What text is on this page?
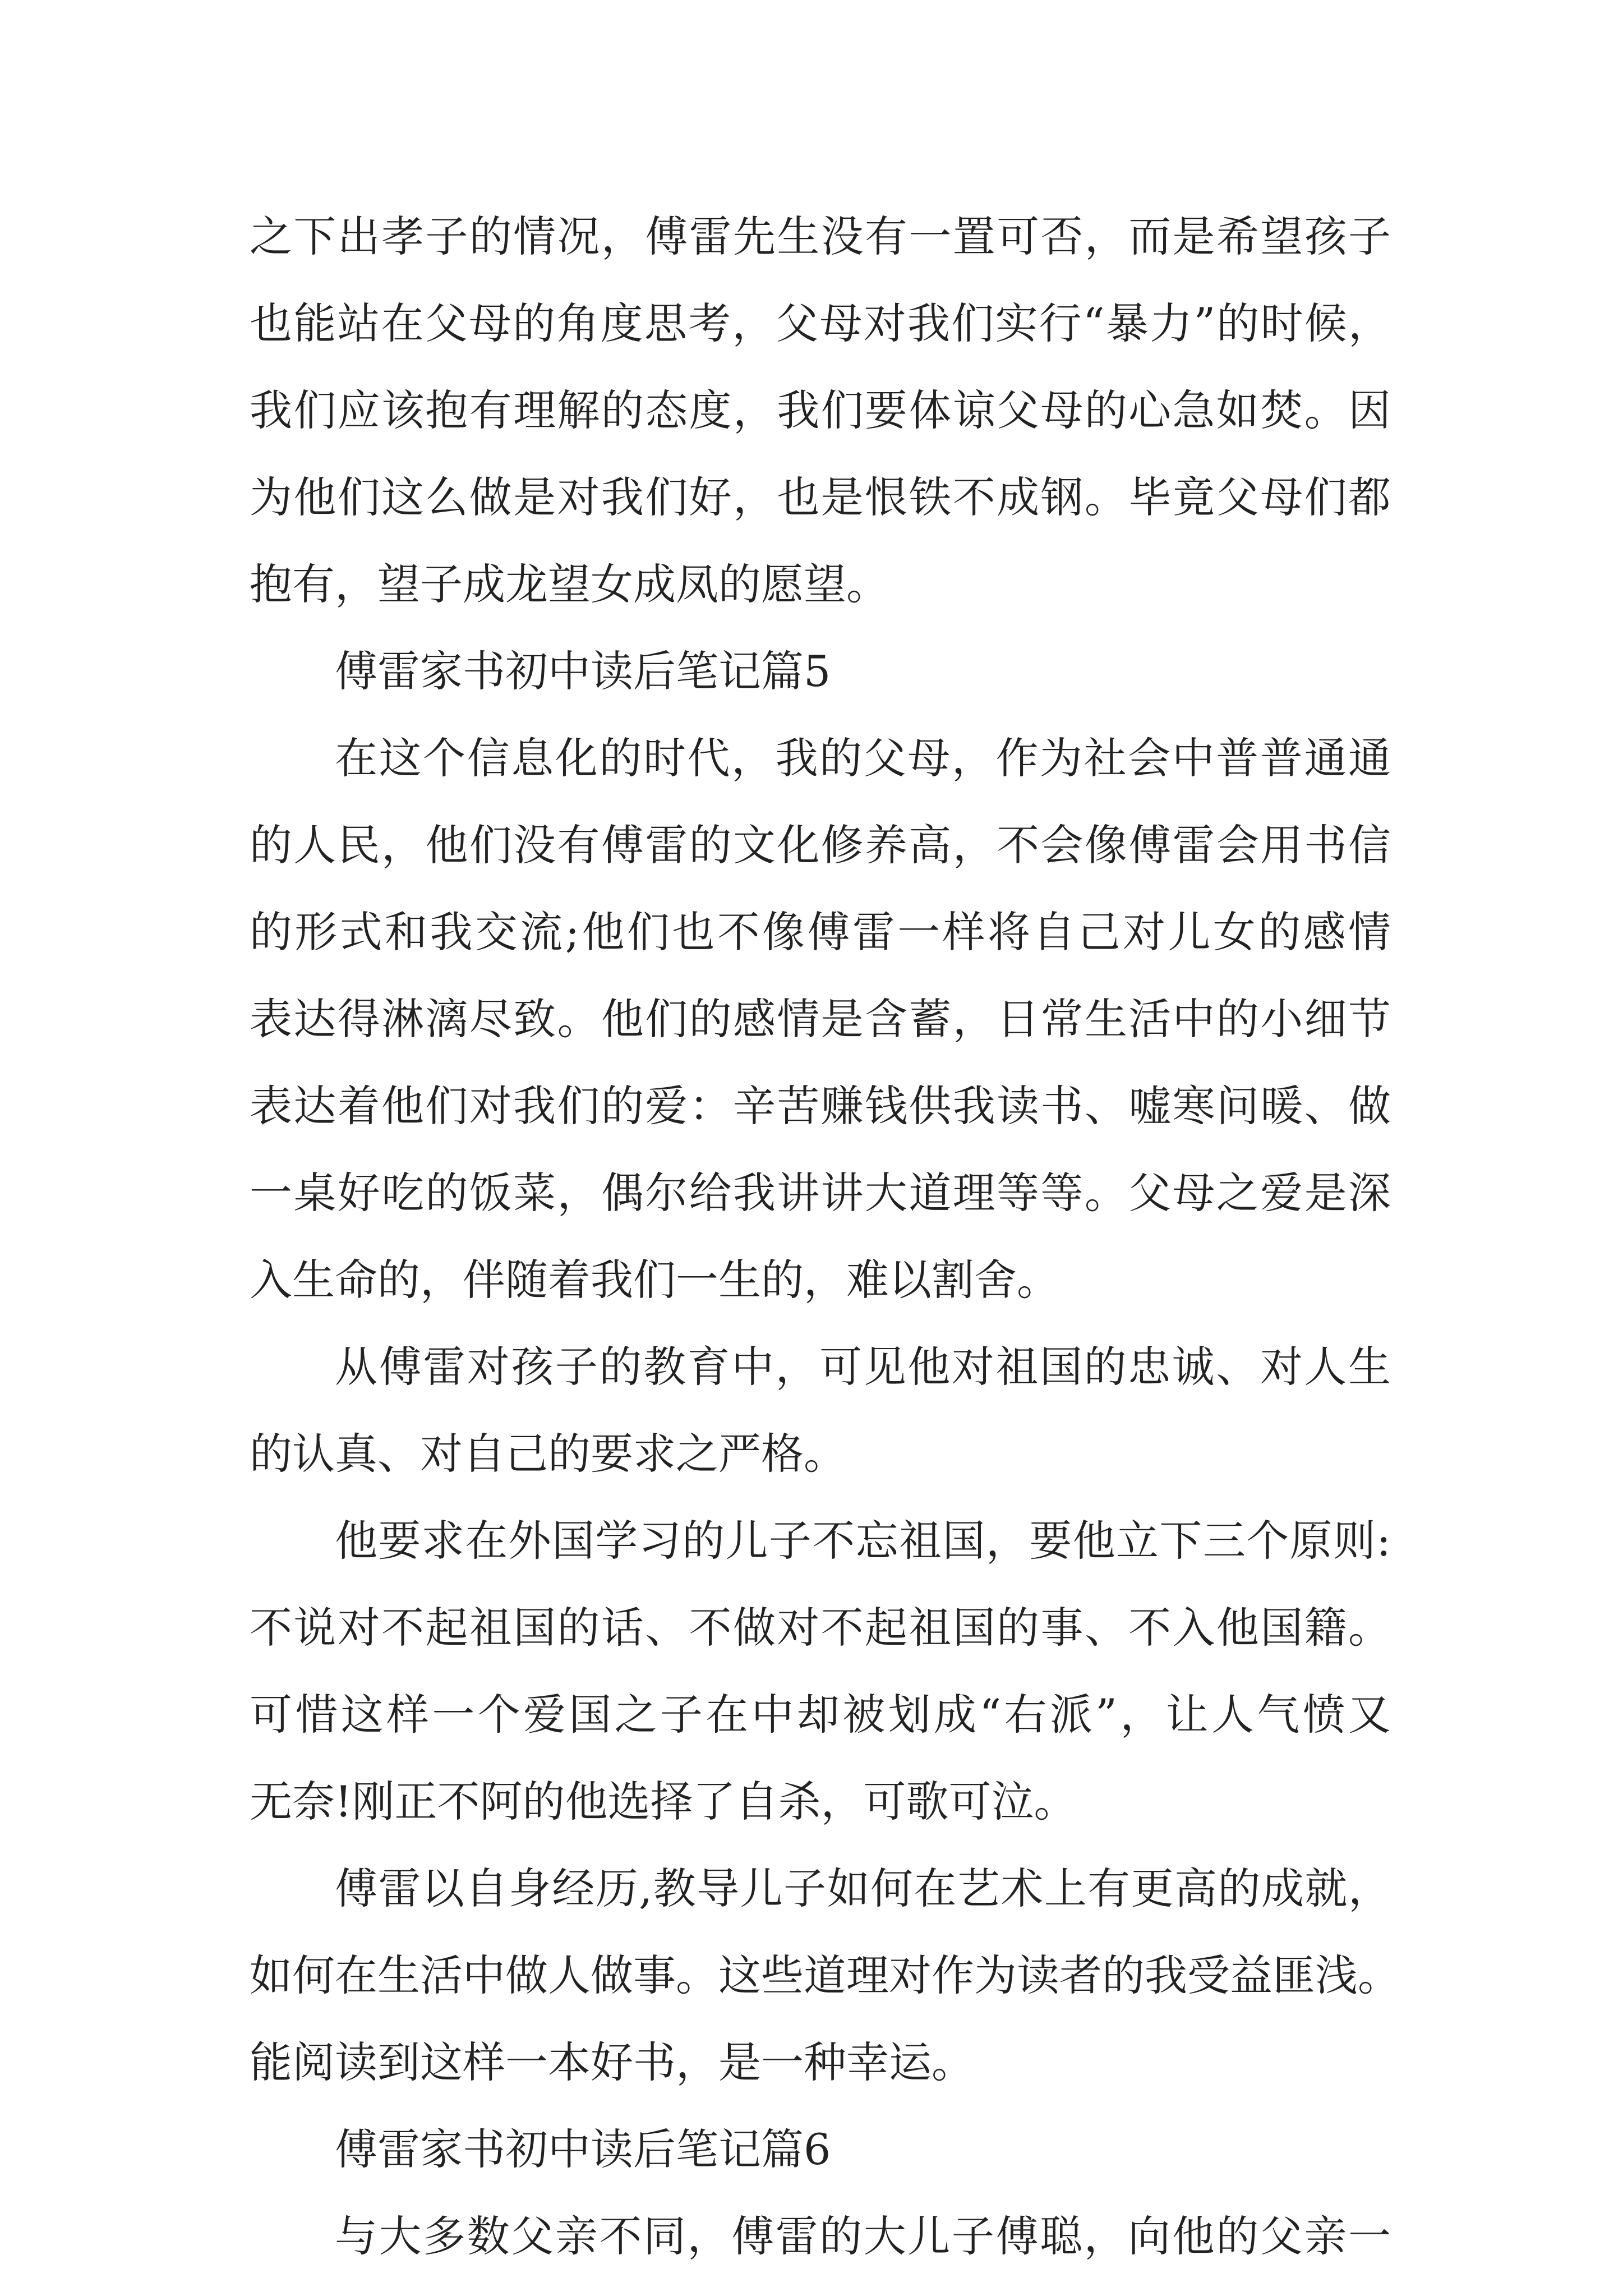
之下出孝子的情况，傅雷先生没有一置可否，而是希望孩子
也能站在父母的角度思考，父母对我们实行“暴力”的时候，
我们应该抱有理解的态度，我们要体谅父母的心急如焚。因
为他们这么做是对我们好，也是恨铁不成钢。毕竟父母们都
抱有，望子成龙望女成凤的愿望。
傅雷家书初中读后笔记篇5
在这个信息化的时代，我的父母，作为社会中普普通通
的人民，他们没有傅雷的文化修养高，不会像傅雷会用书信
的形式和我交流;他们也不像傅雷一样将自己对儿女的感情
表达得淋漓尽致。他们的感情是含蓄，日常生活中的小细节
表达着他们对我们的爱：辛苦赚钱供我读书、嘘寒问暖、做
一桌好吃的饭菜，偶尔给我讲讲大道理等等。父母之爱是深
入生命的，伴随着我们一生的，难以割舍。
从傅雷对孩子的教育中，可见他对祖国的忠诚、对人生
的认真、对自己的要求之严格。
他要求在外国学习的儿子不忘祖国，要他立下三个原则:
不说对不起祖国的话、不做对不起祖国的事、不入他国籍。
可惜这样一个爱国之子在中却被划成“右派”，让人气愤又
无奈!刚正不阿的他选择了自杀，可歌可泣。
傅雷以自身经历,教导儿子如何在艺术上有更高的成就，
如何在生活中做人做事。这些道理对作为读者的我受益匪浅。
能阅读到这样一本好书，是一种幸运。
傅雷家书初中读后笔记篇6
与大多数父亲不同，傅雷的大儿子傅聪，向他的父亲一
